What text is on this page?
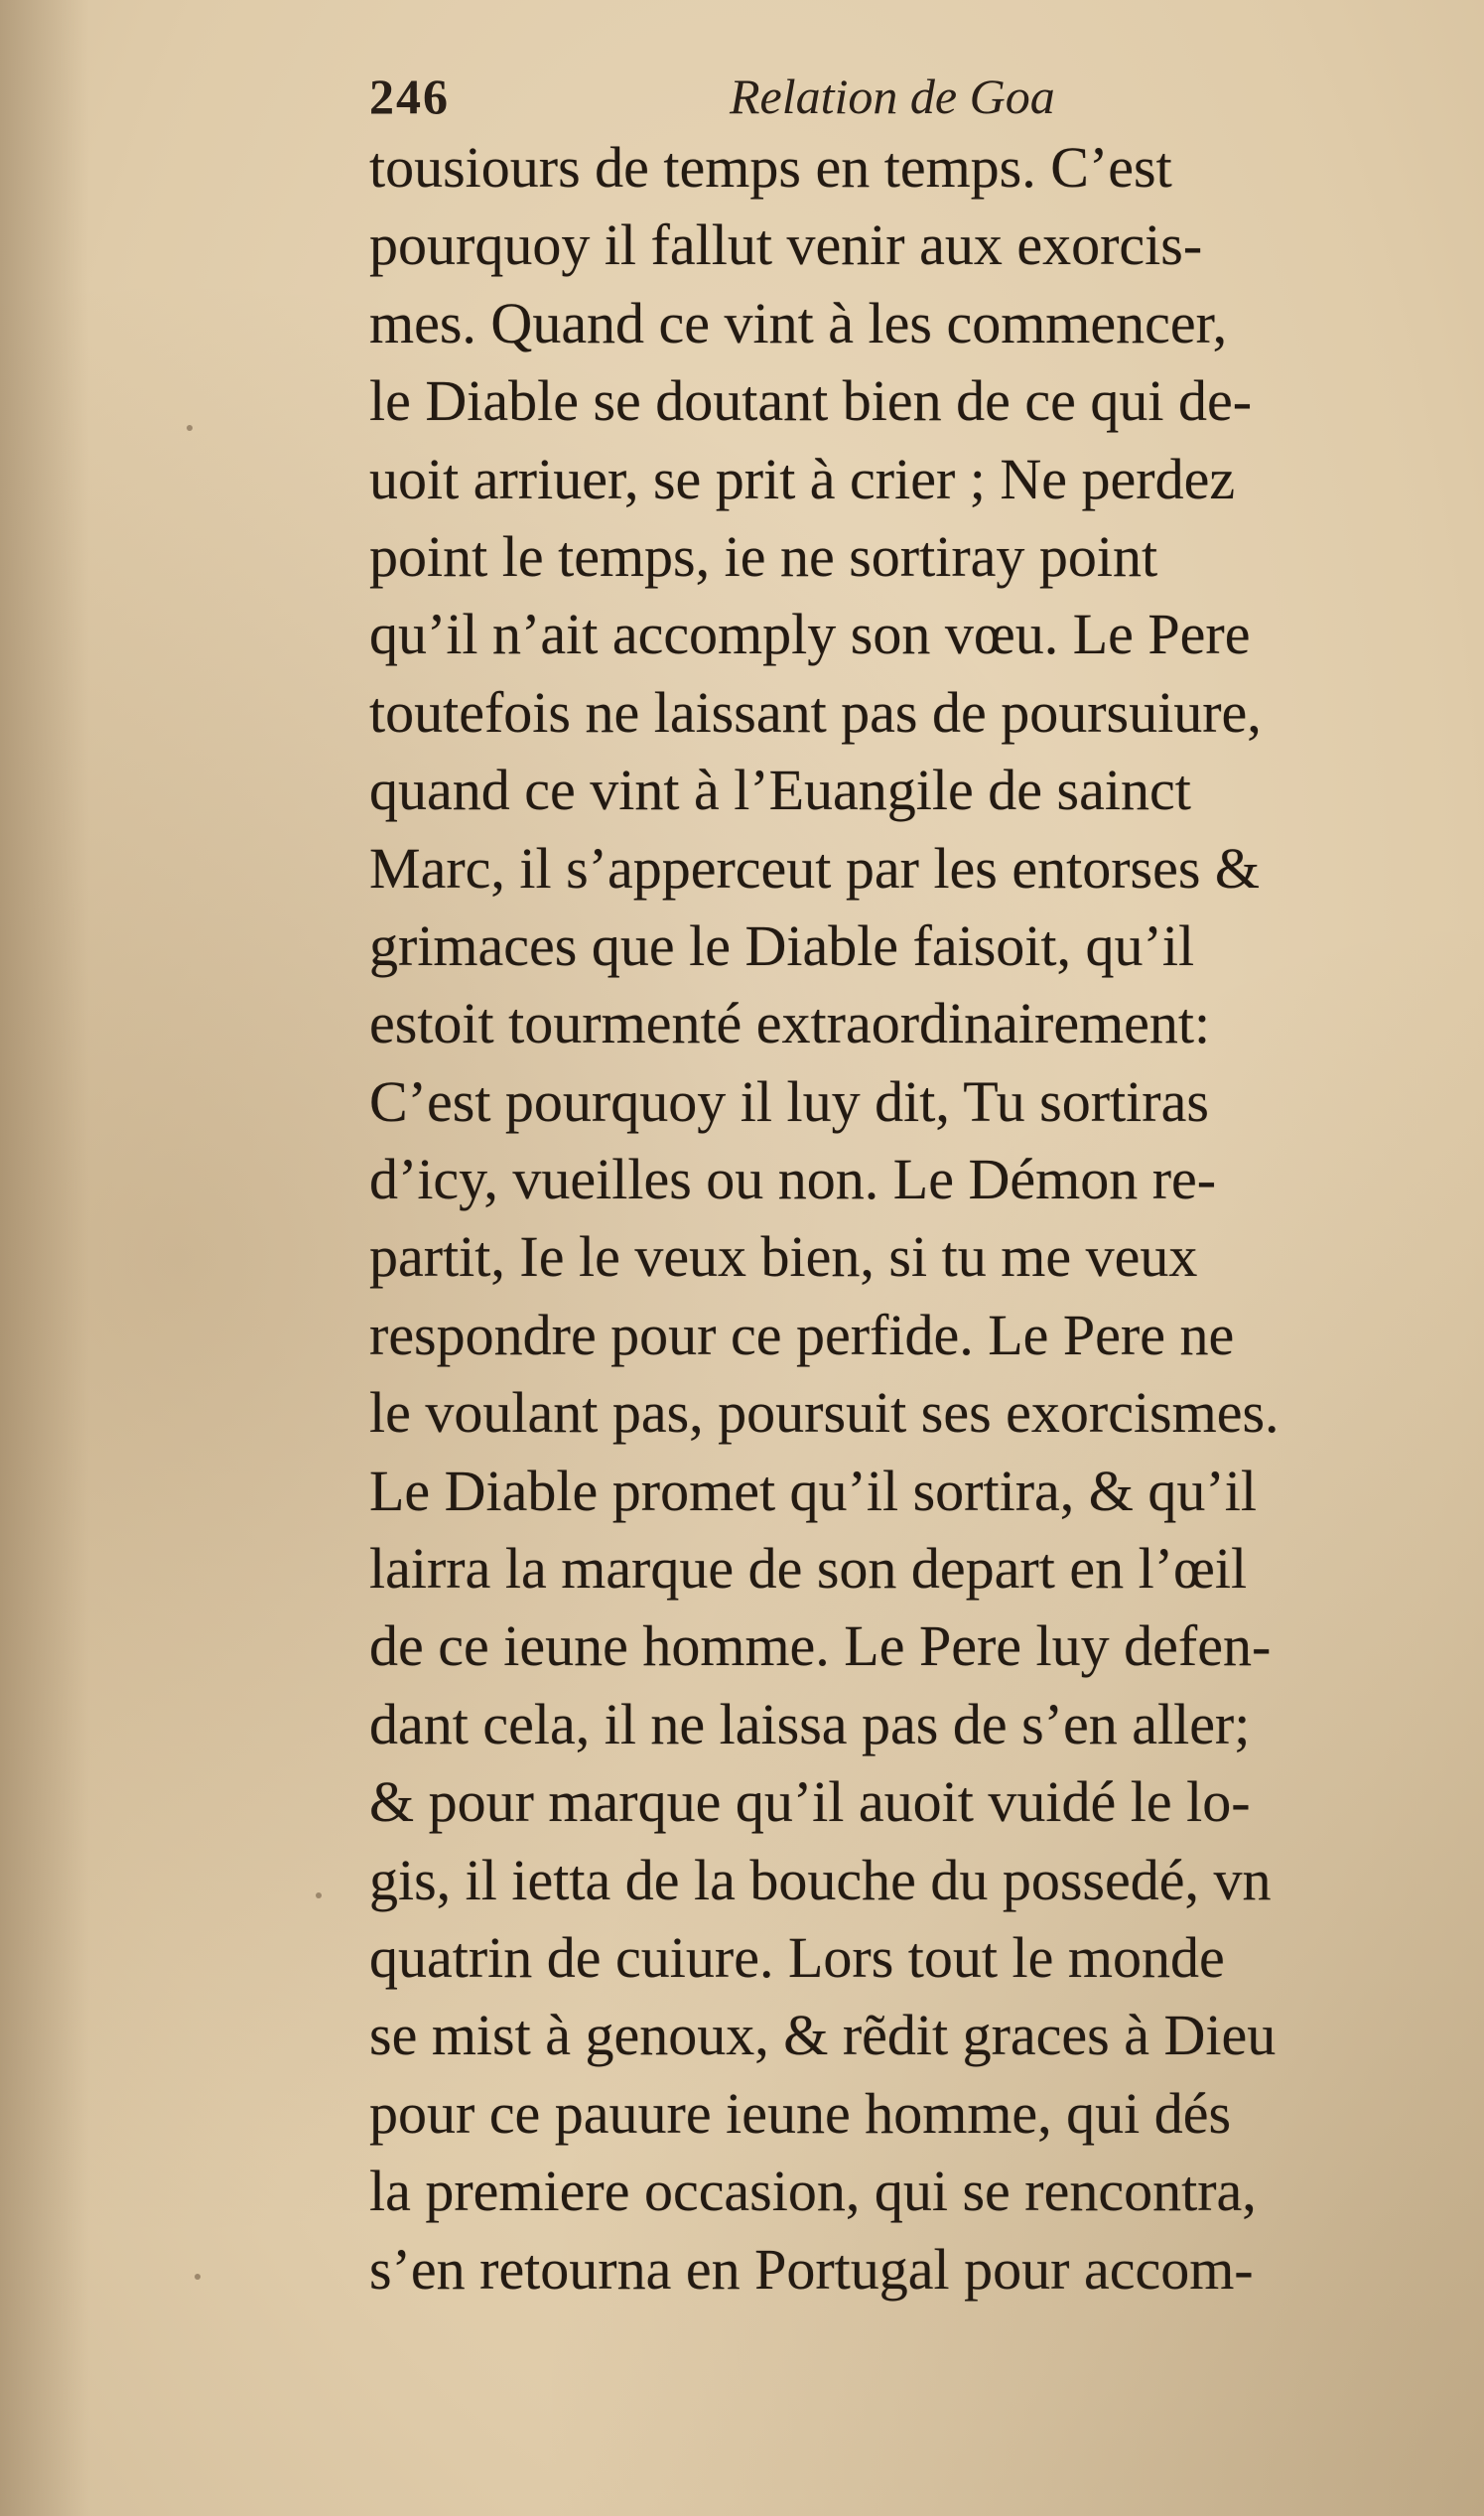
246	Relation de Goa
tousiours de temps en temps. C’est
pourquoy il fallut venir aux exorcis-
mes. Quand ce vint à les commencer,
le Diable se doutant bien de ce qui de-
uoit arriuer, se prit à crier ; Ne perdez
point le temps, ie ne sortiray point
qu’il n’ait accomply son vœu. Le Pere
toutefois ne laissant pas de poursuiure,
quand ce vint à l’Euangile de sainct
Marc, il s’apperceut par les entorses &
grimaces que le Diable faisoit, qu’il
estoit tourmenté extraordinairement:
C’est pourquoy il luy dit, Tu sortiras
d’icy, vueilles ou non. Le Démon re-
partit, Ie le veux bien, si tu me veux
respondre pour ce perfide. Le Pere ne
le voulant pas, poursuit ses exorcismes.
Le Diable promet qu’il sortira, & qu’il
lairra la marque de son depart en l’œil
de ce ieune homme. Le Pere luy defen-
dant cela, il ne laissa pas de s’en aller;
& pour marque qu’il auoit vuidé le lo-
gis, il ietta de la bouche du possedé, vn
quatrin de cuiure. Lors tout le monde
se mist à genoux, & rẽdit graces à Dieu
pour ce pauure ieune homme, qui dés
la premiere occasion, qui se rencontra,
s’en retourna en Portugal pour accom-
